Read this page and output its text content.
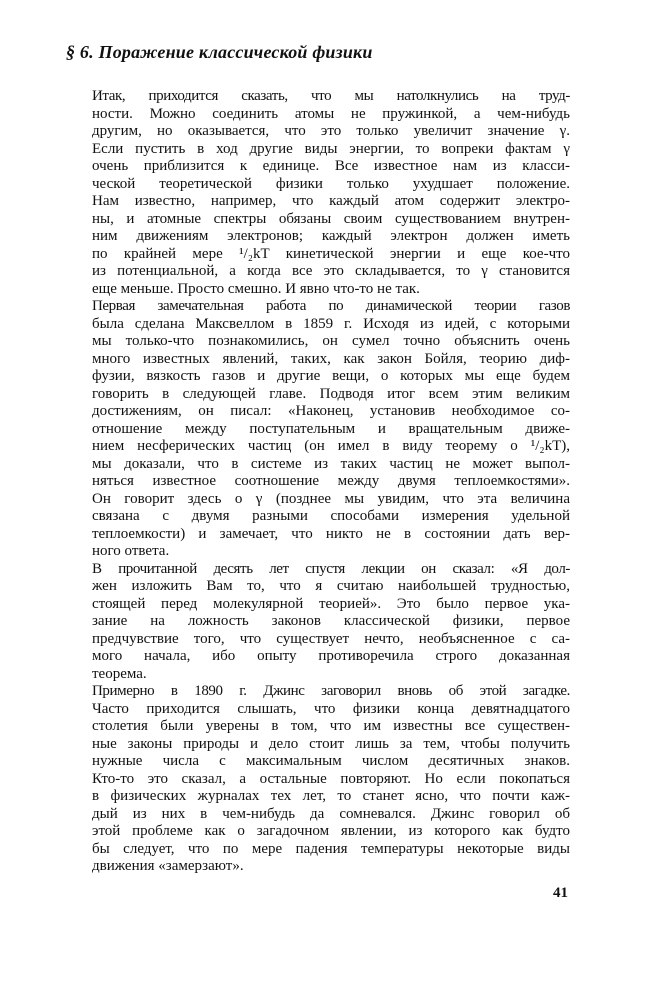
§ 6. Поражение классической физики

Итак, приходится сказать, что мы натолкнулись на труд-
ности. Можно соединить атомы не пружинкой, а чем-нибудь
другим, но оказывается, что это только увеличит значение γ.
Если пустить в ход другие виды энергии, то вопреки фактам γ
очень приблизится к единице. Все известное нам из класси-
ческой теоретической физики только ухудшает положение.
Нам известно, например, что каждый атом содержит электро-
ны, и атомные спектры обязаны своим существованием внутрен-
ним движениям электронов; каждый электрон должен иметь
по крайней мере ¹/₂kT кинетической энергии и еще кое-что
из потенциальной, а когда все это складывается, то γ становится
еще меньше. Просто смешно. И явно что-то не так.

Первая замечательная работа по динамической теории газов
была сделана Максвеллом в 1859 г. Исходя из идей, с которыми
мы только-что познакомились, он сумел точно объяснить очень
много известных явлений, таких, как закон Бойля, теорию диф-
фузии, вязкость газов и другие вещи, о которых мы еще будем
говорить в следующей главе. Подводя итог всем этим великим
достижениям, он писал: «Наконец, установив необходимое со-
отношение между поступательным и вращательным движе-
нием несферических частиц (он имел в виду теорему о ¹/₂kT),
мы доказали, что в системе из таких частиц не может выпол-
няться известное соотношение между двумя теплоемкостями».
Он говорит здесь о γ (позднее мы увидим, что эта величина
связана с двумя разными способами измерения удельной
теплоемкости) и замечает, что никто не в состоянии дать вер-
ного ответа.

В прочитанной десять лет спустя лекции он сказал: «Я дол-
жен изложить Вам то, что я считаю наибольшей трудностью,
стоящей перед молекулярной теорией». Это было первое ука-
зание на ложность законов классической физики, первое
предчувствие того, что существует нечто, необъясненное с са-
мого начала, ибо опыту противоречила строго доказанная
теорема.

Примерно в 1890 г. Джинс заговорил вновь об этой загадке.
Часто приходится слышать, что физики конца девятнадцатого
столетия были уверены в том, что им известны все существен-
ные законы природы и дело стоит лишь за тем, чтобы получить
нужные числа с максимальным числом десятичных знаков.
Кто-то это сказал, а остальные повторяют. Но если покопаться
в физических журналах тех лет, то станет ясно, что почти каж-
дый из них в чем-нибудь да сомневался. Джинс говорил об
этой проблеме как о загадочном явлении, из которого как будто
бы следует, что по мере падения температуры некоторые виды
движения «замерзают».

41
